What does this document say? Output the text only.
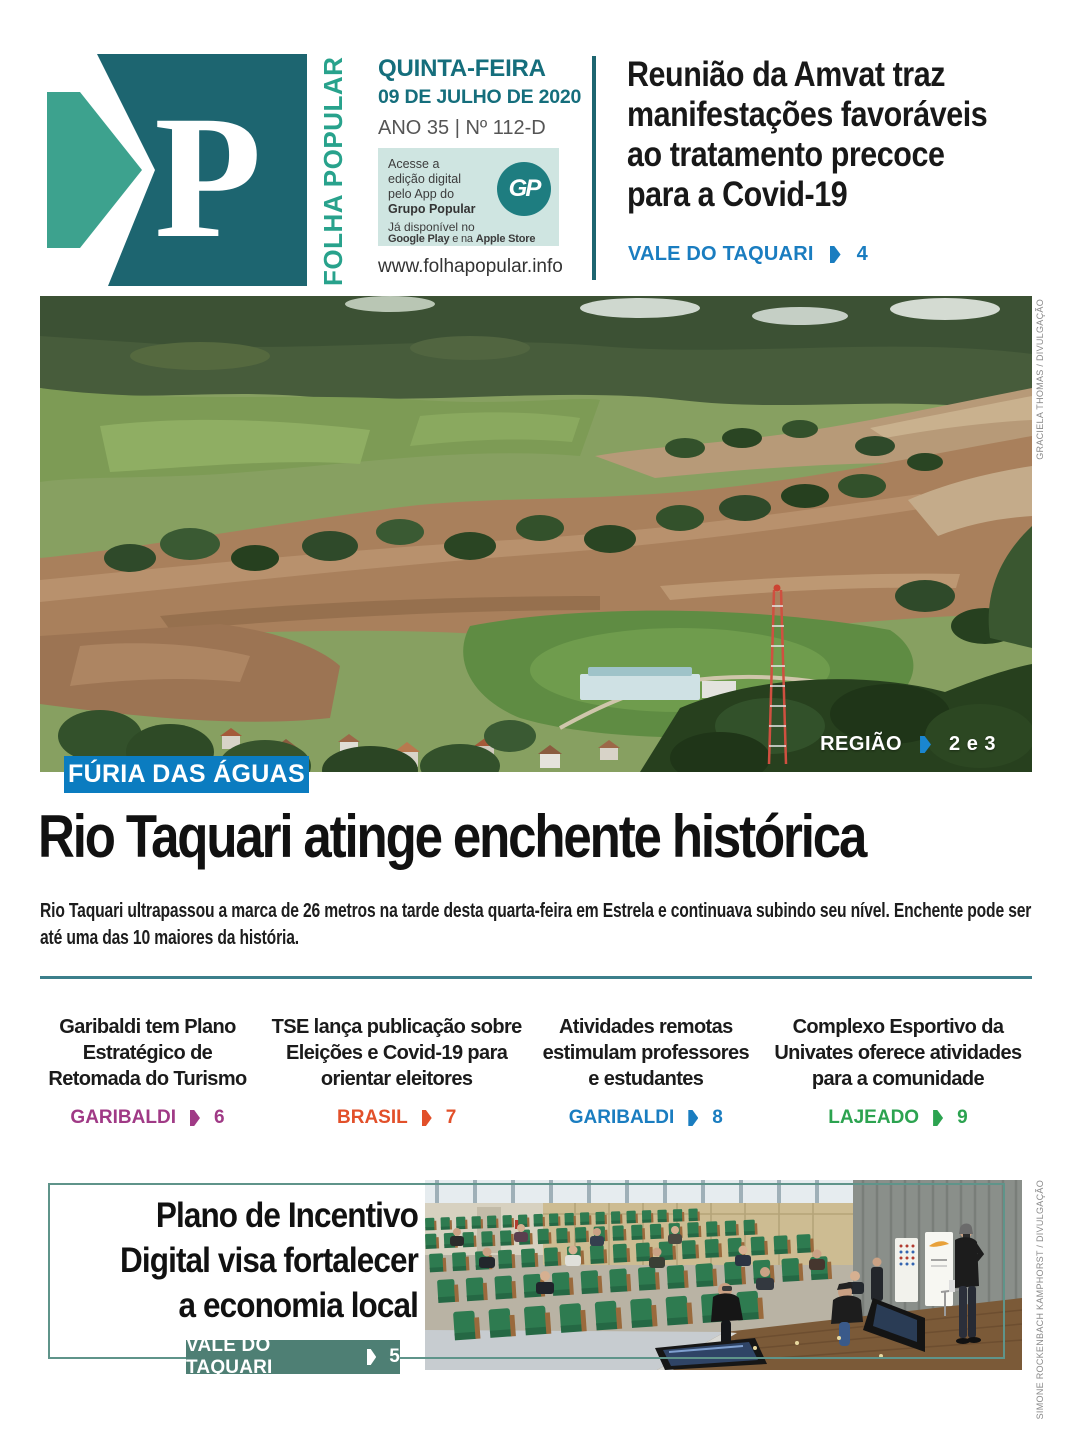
P FOLHA POPULAR QUINTA-FEIRA
09 DE JULHO DE 2020
ANO 35 | Nº 112-D
Acesse a
edição digital
pelo App do
Grupo Popular
GP
Já disponível no
Google Play e na Apple Store
www.folhapopular.info
Reunião da Amvat traz
manifestações favoráveis
ao tratamento precoce
para a Covid-19
VALE DO TAQUARI 4
REGIÃO 2 e 3
GRACIELA THOMAS / DIVULGAÇÃO
FÚRIA DAS ÁGUAS
Rio Taquari atinge enchente histórica
Rio Taquari ultrapassou a marca de 26 metros na tarde desta quarta-feira em Estrela e continuava subindo seu nível. Enchente pode ser até uma das 10 maiores da história.
Garibaldi tem Plano Estratégico de Retomada do Turismo
GARIBALDI 6
TSE lança publicação sobre Eleições e Covid-19 para orientar eleitores
BRASIL 7
Atividades remotas estimulam professores e estudantes
GARIBALDI 8
Complexo Esportivo da Univates oferece atividades para a comunidade
LAJEADO 9
Plano de Incentivo
Digital visa fortalecer
a economia local
VALE DO TAQUARI
5	SIMONE ROCKENBACH KAMPHORST / DIVULGAÇÃO
